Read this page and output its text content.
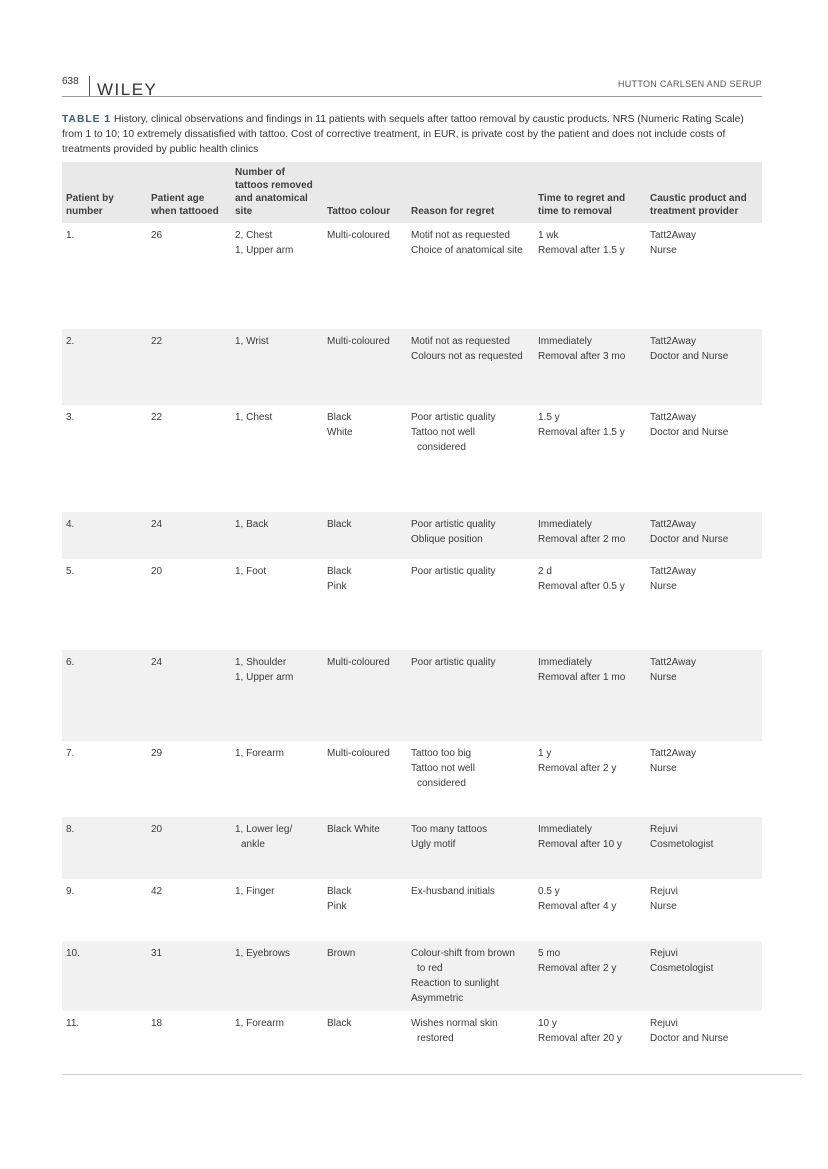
638 WILEY	HUTTON CARLSEN AND SERUP
TABLE 1 History, clinical observations and findings in 11 patients with sequels after tattoo removal by caustic products. NRS (Numeric Rating Scale) from 1 to 10; 10 extremely dissatisfied with tattoo. Cost of corrective treatment, in EUR, is private cost by the patient and does not include costs of treatments provided by public health clinics
Patient by
number	Patient age
when tattooed	Number of
tattoos removed
and anatomical
site	Tattoo colour	Reason for regret	Time to regret and
time to removal	Caustic product and
treatment provider

1.	26	2, Chest
1, Upper arm	Multi-coloured	Motif not as requested
Choice of anatomical site	1 wk
Removal after 1.5 y	Tatt2Away
Nurse

2.	22	1, Wrist	Multi-coloured	Motif not as requested
Colours not as requested	Immediately
Removal after 3 mo	Tatt2Away
Doctor and Nurse

3.	22	1, Chest	Black
White	Poor artistic quality
Tattoo not well
considered	1.5 y
Removal after 1.5 y	Tatt2Away
Doctor and Nurse

4.	24	1, Back	Black	Poor artistic quality
Oblique position	Immediately
Removal after 2 mo	Tatt2Away
Doctor and Nurse

5.	20	1, Foot	Black
Pink	Poor artistic quality	2 d
Removal after 0.5 y	Tatt2Away
Nurse

6.	24	1, Shoulder
1, Upper arm	Multi-coloured	Poor artistic quality	Immediately
Removal after 1 mo	Tatt2Away
Nurse

7.	29	1, Forearm	Multi-coloured	Tattoo too big
Tattoo not well
considered	1 y
Removal after 2 y	Tatt2Away
Nurse

8.	20	1, Lower leg/
ankle	Black White	Too many tattoos
Ugly motif	Immediately
Removal after 10 y	Rejuvi
Cosmetologist

9.	42	1, Finger	Black
Pink	Ex-husband initials	0.5 y
Removal after 4 y	Rejuvi
Nurse

10.	31	1, Eyebrows	Brown	Colour-shift from brown
to red
Reaction to sunlight
Asymmetric	5 mo
Removal after 2 y	Rejuvi
Cosmetologist

11.	18	1, Forearm	Black	Wishes normal skin
restored	10 y
Removal after 20 y	Rejuvi
Doctor and Nurse
